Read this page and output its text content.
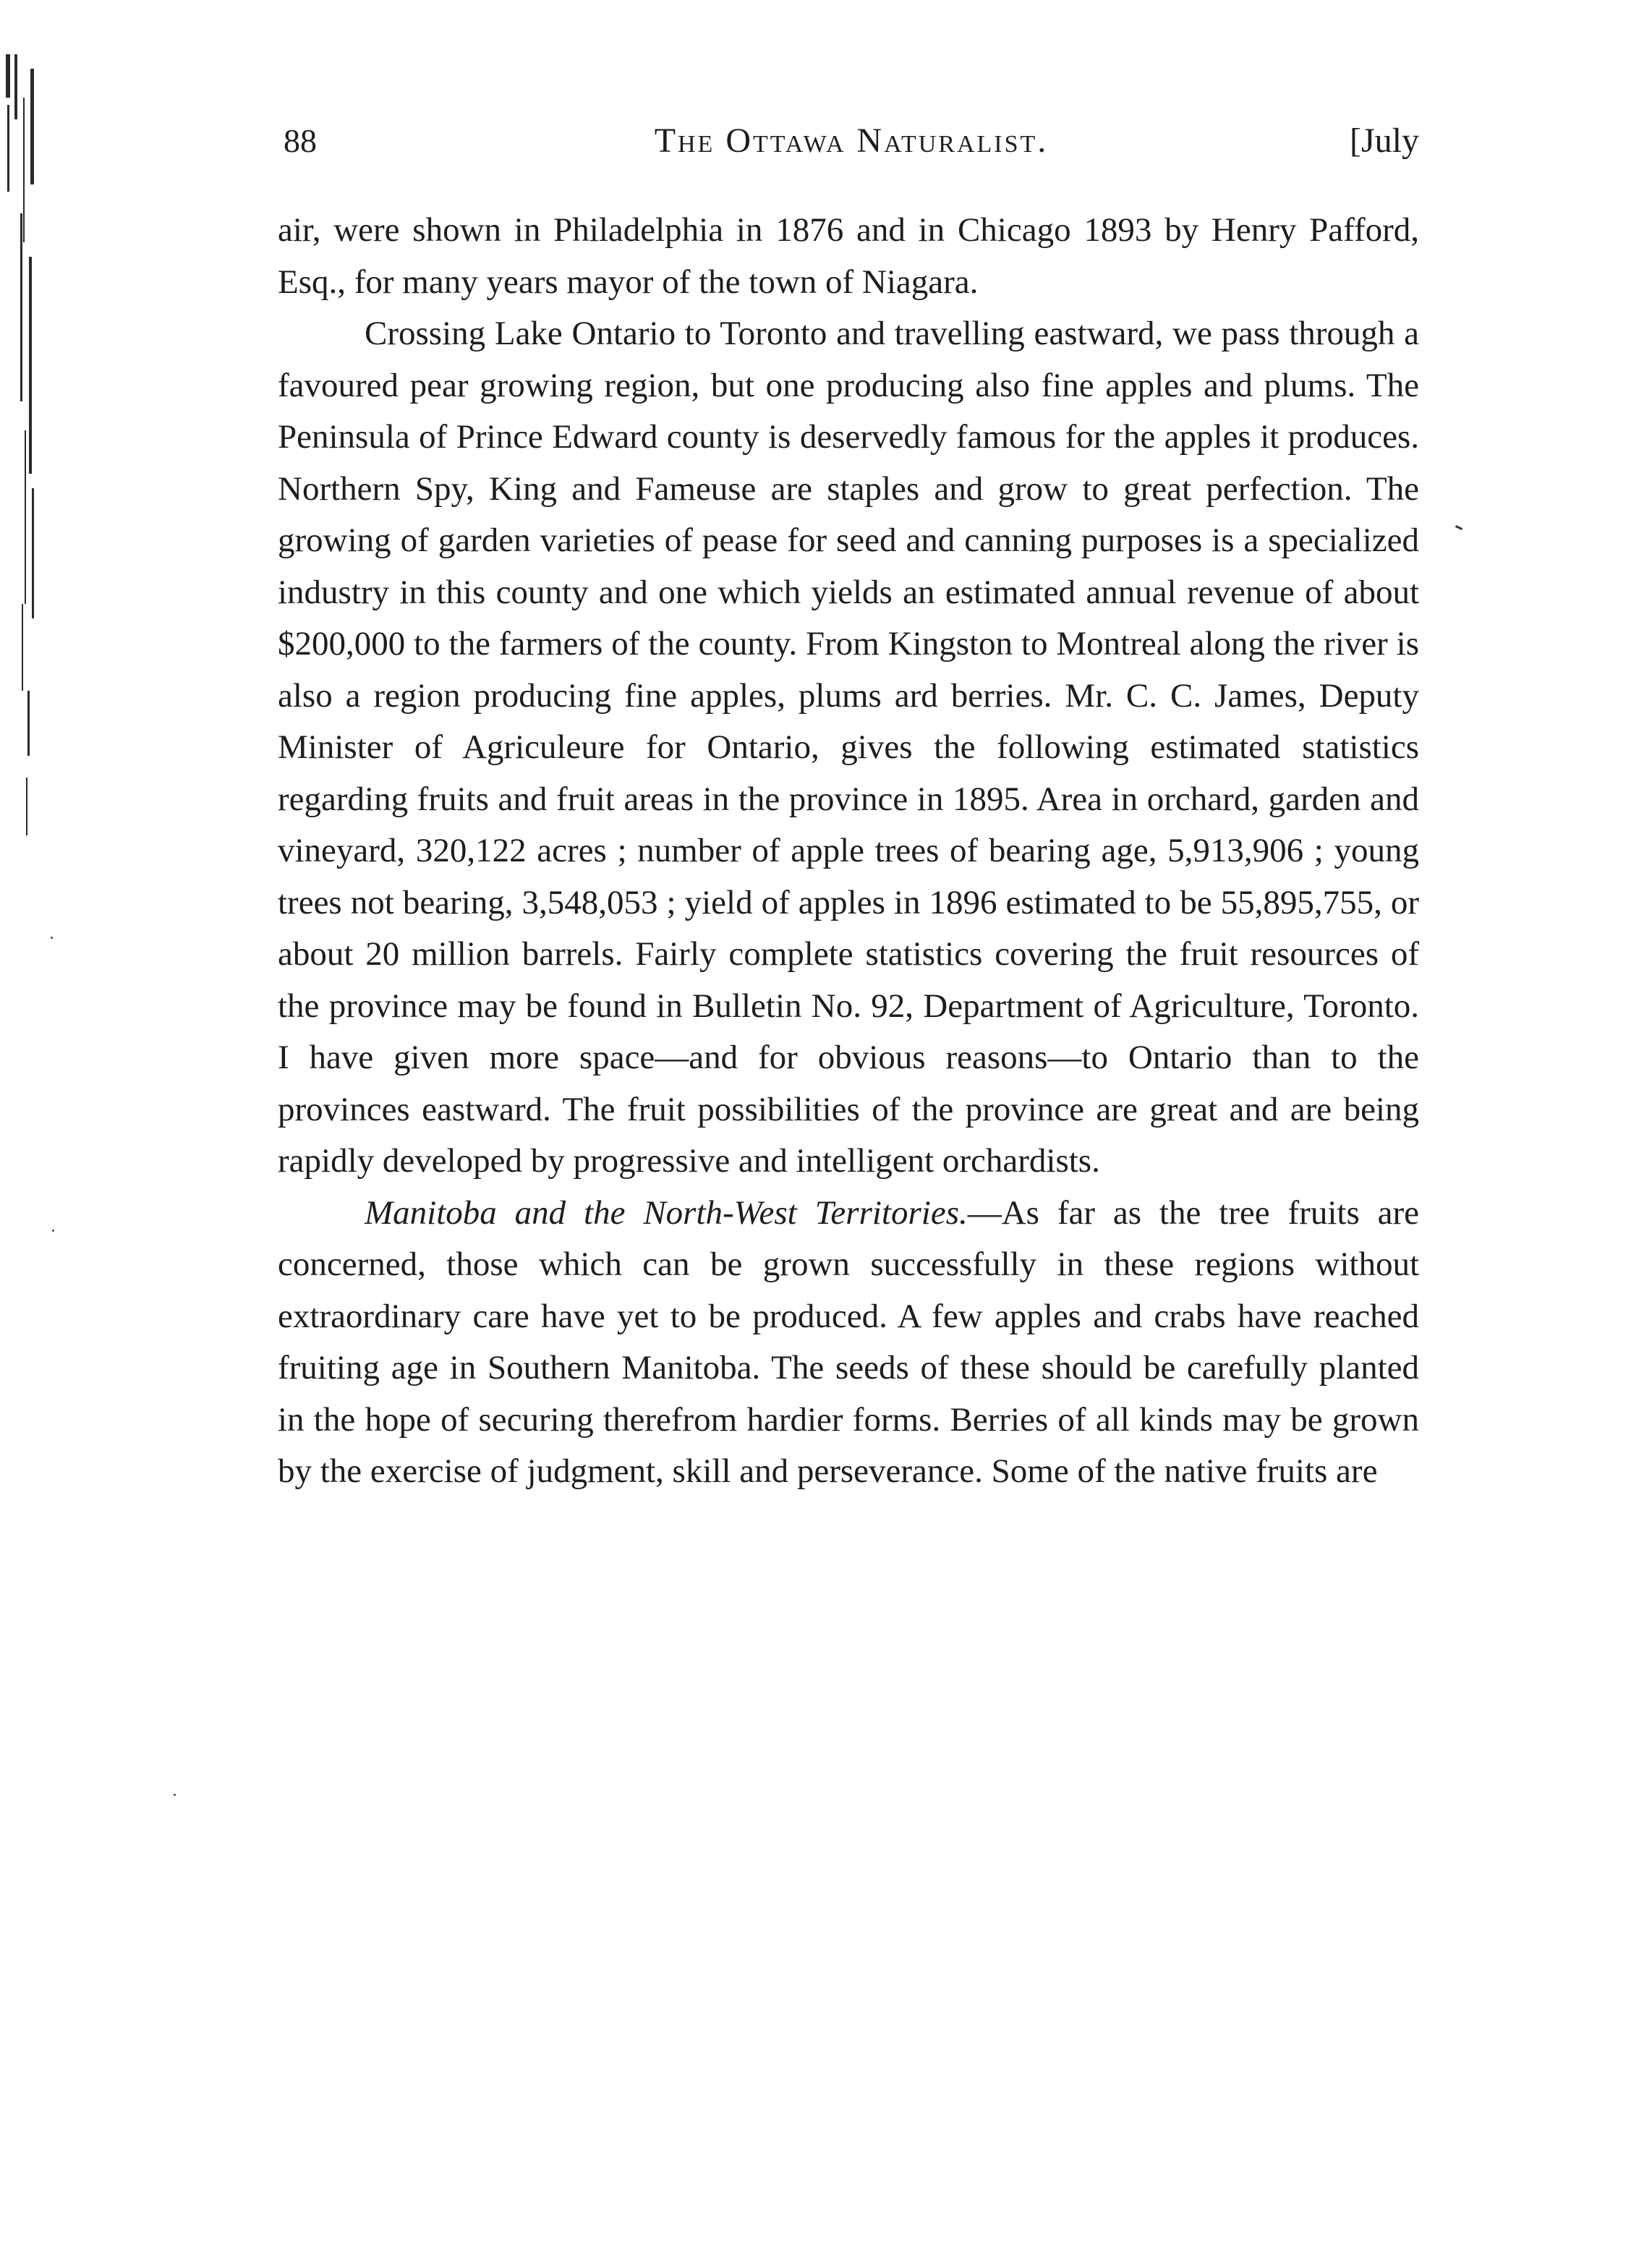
88	The Ottawa Naturalist.	[July

air, were shown in Philadelphia in 1876 and in Chicago 1893 by Henry Pafford, Esq., for many years mayor of the town of Niagara.

Crossing Lake Ontario to Toronto and travelling eastward, we pass through a favoured pear growing region, but one producing also fine apples and plums. The Peninsula of Prince Edward county is deservedly famous for the apples it produces. Northern Spy, King and Fameuse are staples and grow to great perfection. The growing of garden varieties of pease for seed and canning purposes is a specialized industry in this county and one which yields an estimated annual revenue of about $200,000 to the farmers of the county. From Kingston to Montreal along the river is also a region producing fine apples, plums ard berries. Mr. C. C. James, Deputy Minister of Agriculeure for Ontario, gives the following estimated statistics regarding fruits and fruit areas in the province in 1895. Area in orchard, garden and vineyard, 320,122 acres ; number of apple trees of bearing age, 5,913,906 ; young trees not bearing, 3,548,053 ; yield of apples in 1896 estimated to be 55,895,755, or about 20 million barrels. Fairly complete statistics covering the fruit resources of the province may be found in Bulletin No. 92, Department of Agriculture, Toronto. I have given more space—and for obvious reasons—to Ontario than to the provinces eastward. The fruit possibilities of the province are great and are being rapidly developed by progressive and intelligent orchardists.

Manitoba and the North-West Territories.—As far as the tree fruits are concerned, those which can be grown successfully in these regions without extraordinary care have yet to be produced. A few apples and crabs have reached fruiting age in Southern Manitoba. The seeds of these should be carefully planted in the hope of securing therefrom hardier forms. Berries of all kinds may be grown by the exercise of judgment, skill and perseverance. Some of the native fruits are
